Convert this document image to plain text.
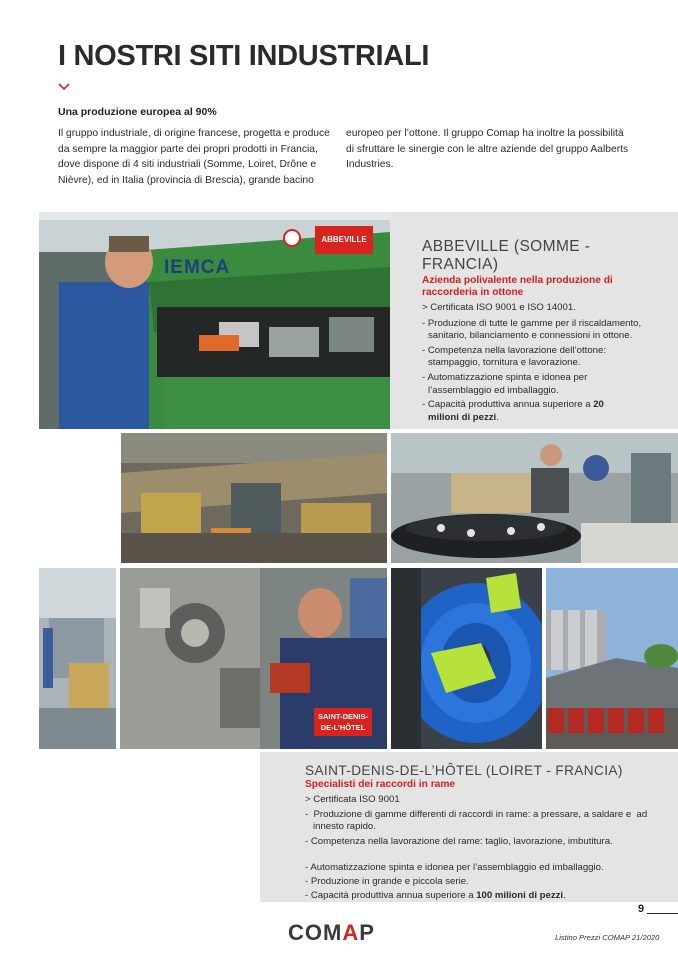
I NOSTRI SITI INDUSTRIALI
Una produzione europea al 90%
Il gruppo industriale, di origine francese, progetta e produce da sempre la maggior parte dei propri prodotti in Francia, dove dispone di 4 siti industriali (Somme, Loiret, Drône e Nièvre), ed in Italia (provincia di Brescia), grande bacino
europeo per l’ottone. Il gruppo Comap ha inoltre la possibilità di sfruttare le sinergie con le altre aziende del gruppo Aalberts Industries.
IEMCA
ABBEVILLE	ABBEVILLE (SOMME -
FRANCIA)
Azienda polivalente nella produzione di
raccorderia in ottone
> Certificata ISO 9001 e ISO 14001.
- Produzione di tutte le gamme per il riscaldamento,
sanitario, bilanciamento e connessioni in ottone.
- Competenza nella lavorazione dell’ottone:
stampaggio, tornitura e lavorazione.
- Automatizzazione spinta e idonea per
l’assemblaggio ed imballaggio.
- Capacità produttiva annua superiore a 20
milioni di pezzi.
SAINT-DENIS-
DE-L’HÔTEL
SAINT-DENIS-DE-L’HÔTEL (LOIRET - FRANCIA)
Specialisti dei raccordi in rame
> Certificata ISO 9001
-  Produzione di gamme differenti di raccordi in rame: a pressare, a saldare e  ad
innesto rapido.
- Competenza nella lavorazione del rame: taglio, lavorazione, imbutitura.
- Automatizzazione spinta e idonea per l’assemblaggio ed imballaggio.
- Produzione in grande e piccola serie.
- Capacità produttiva annua superiore a 100 milioni di pezzi.
9
COMAP	Listino Prezzi COMAP 21/2020
